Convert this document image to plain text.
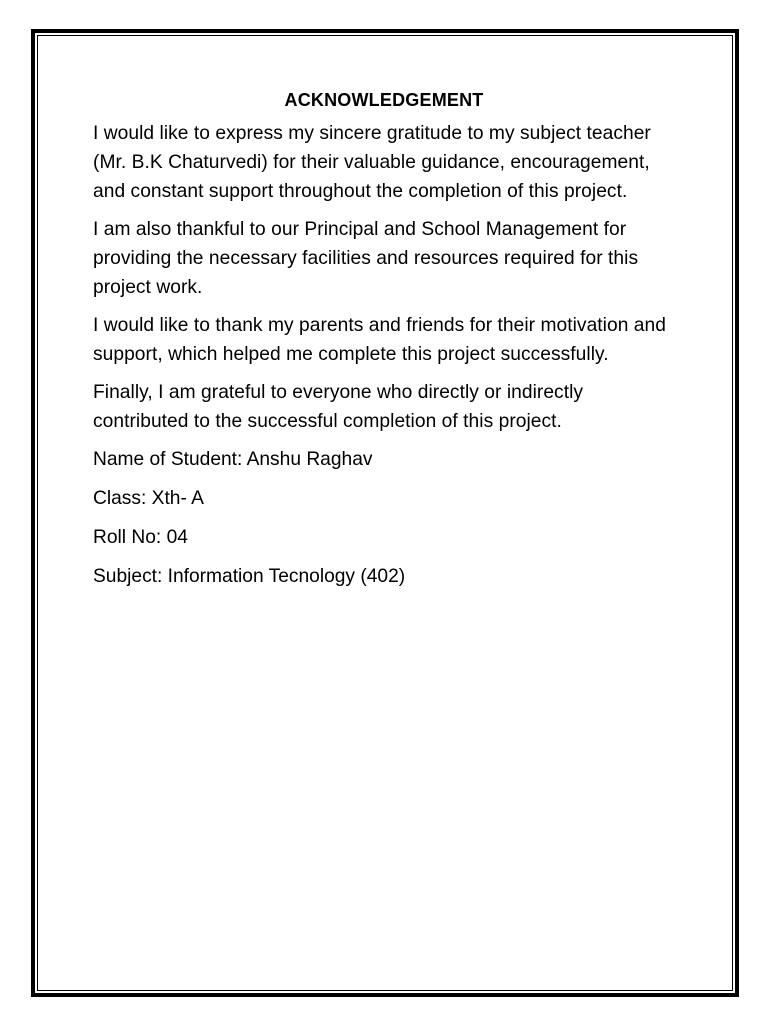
ACKNOWLEDGEMENT

I would like to express my sincere gratitude to my subject teacher (Mr. B.K Chaturvedi) for their valuable guidance, encouragement, and constant support throughout the completion of this project.

I am also thankful to our Principal and School Management for providing the necessary facilities and resources required for this project work.

I would like to thank my parents and friends for their motivation and support, which helped me complete this project successfully.

Finally, I am grateful to everyone who directly or indirectly contributed to the successful completion of this project.

Name of Student: Anshu Raghav

Class: Xth- A

Roll No: 04

Subject: Information Tecnology (402)
